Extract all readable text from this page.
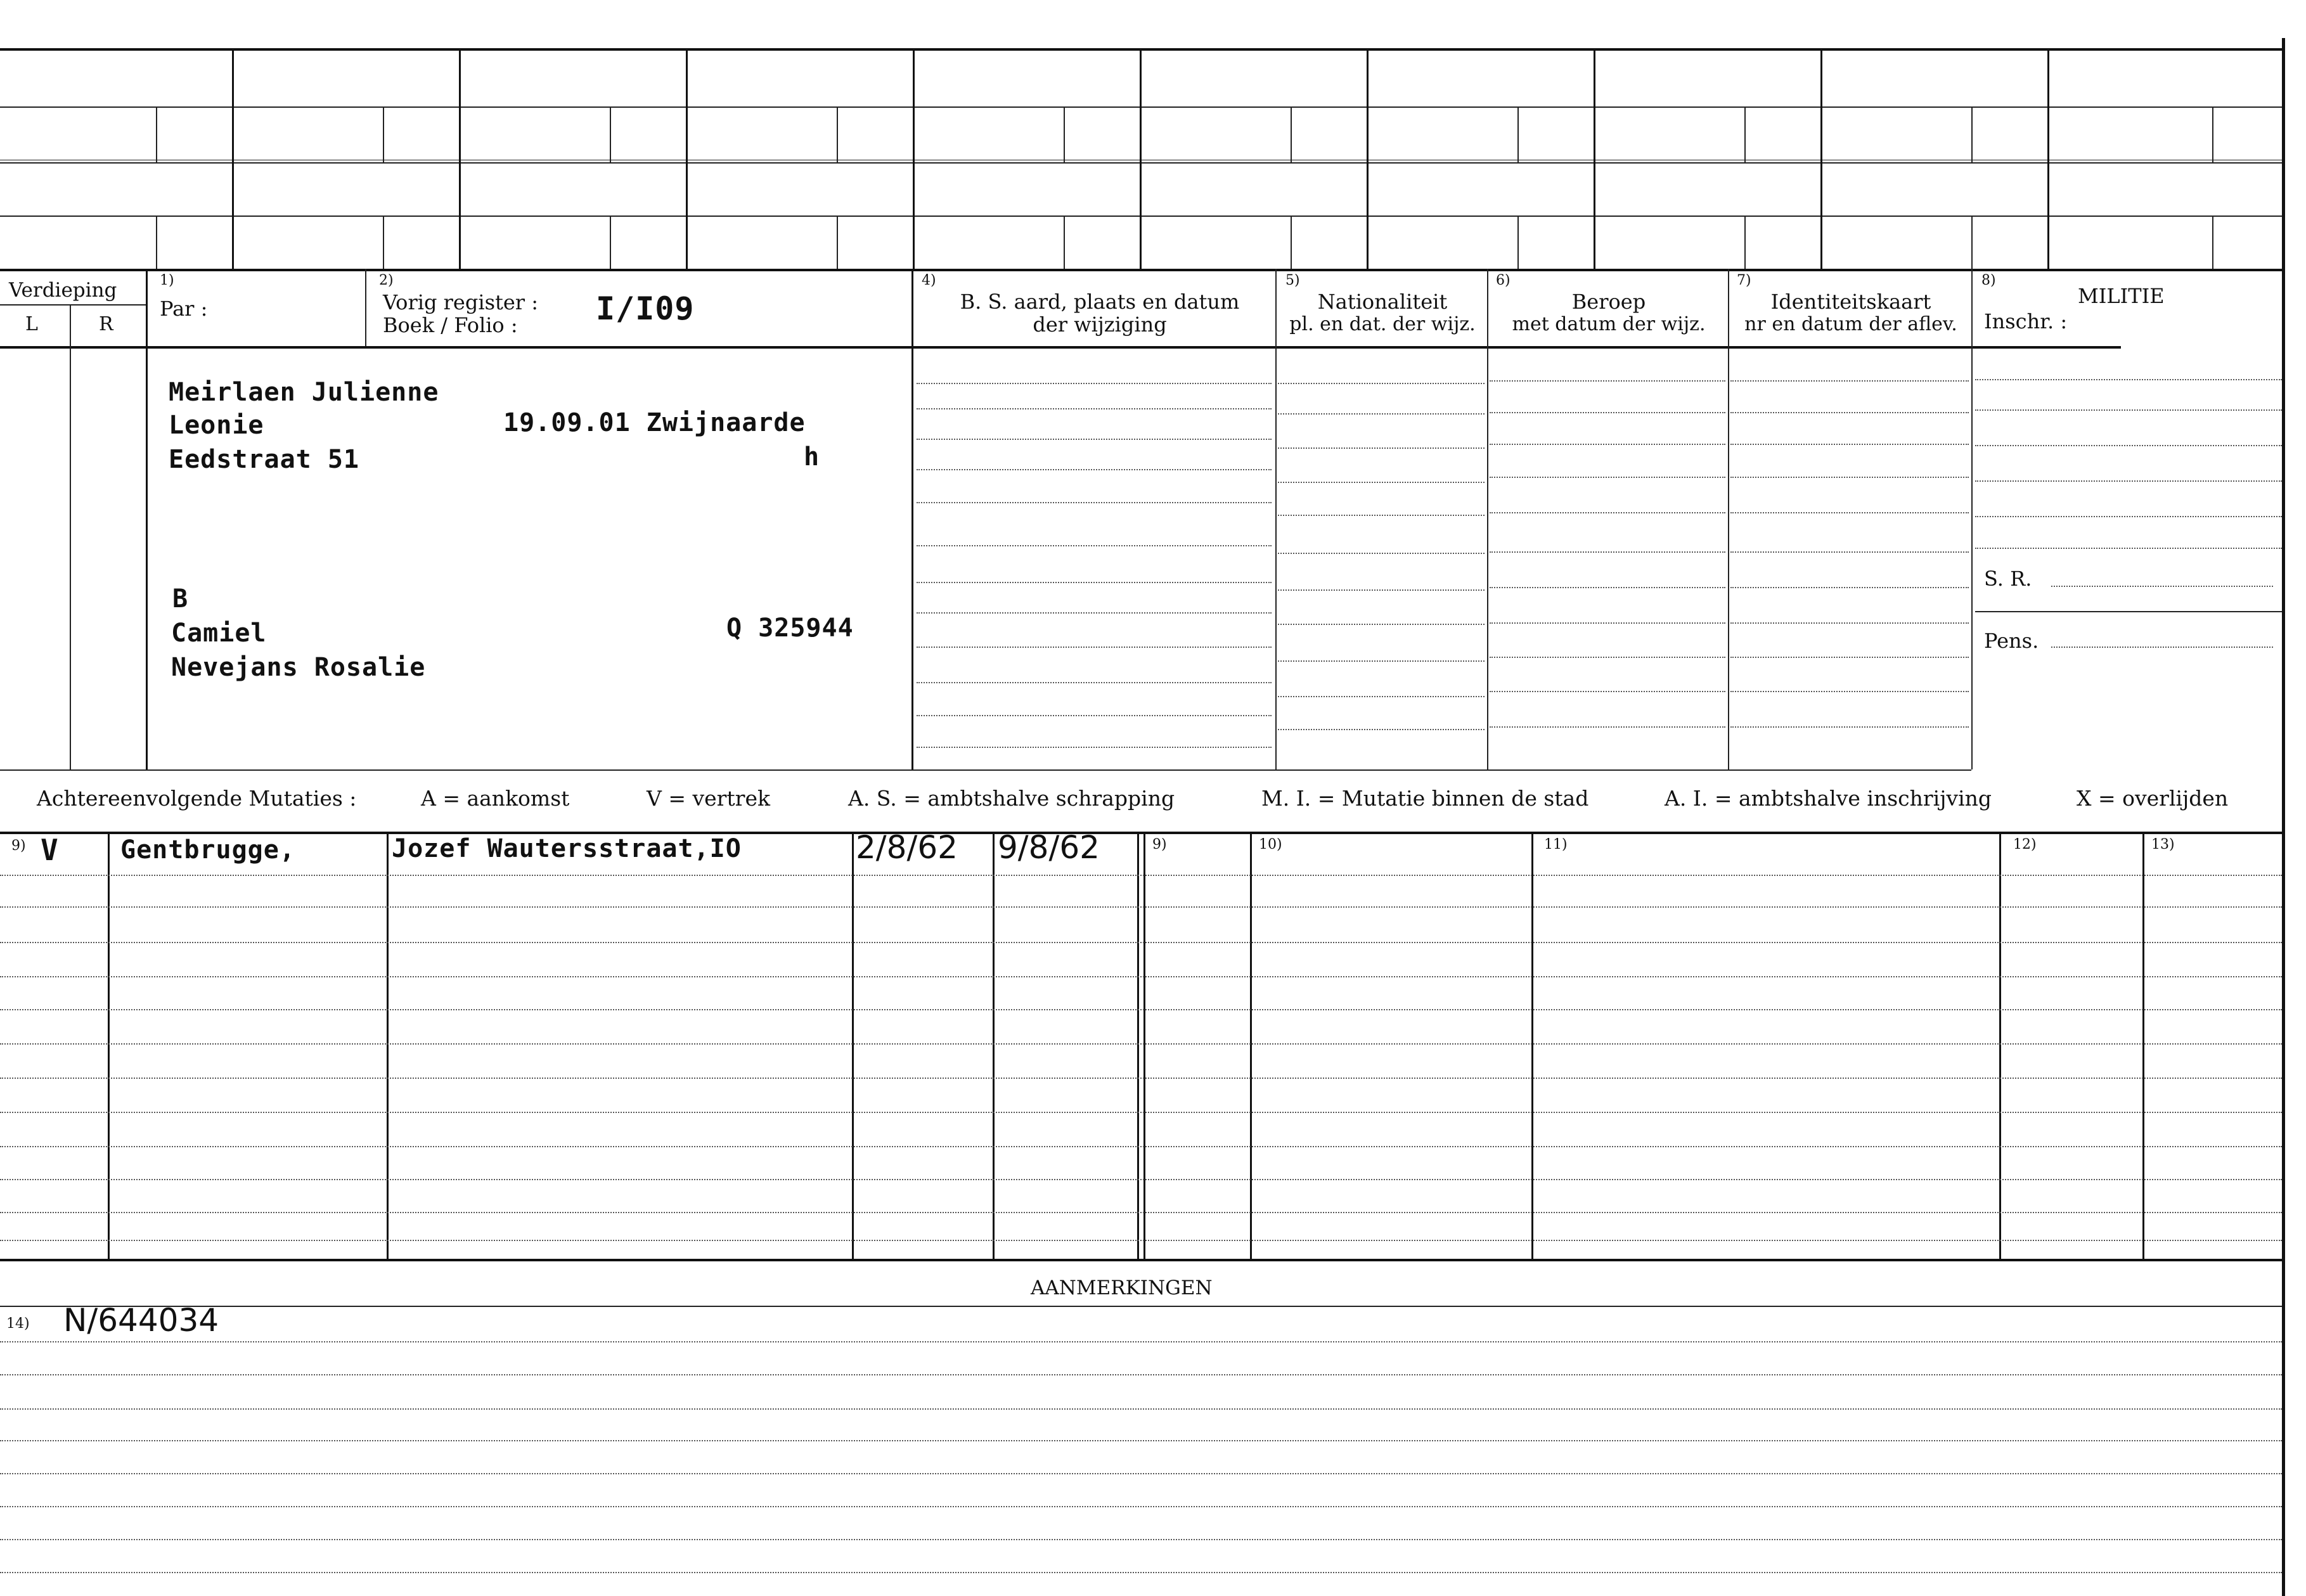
Verdieping
L	R
1)
Par :
2)
Vorig register :
Boek / Folio : I/I09
4)
B. S. aard, plaats en datum
der wijziging
5)
Nationaliteit
pl. en dat. der wijz.
6)
Beroep
met datum der wijz.
7)
Identiteitskaart
nr en datum der aflev.
8)
MILITIE
Inschr. :
Meirlaen Julienne
Leonie	19.09.01 Zwijnaarde
Eedstraat 51	h
B
Camiel	Q 325944
Nevejans Rosalie
S. R.
Pens.
Achtereenvolgende Mutaties :	A = aankomst	V = vertrek	A. S. = ambtshalve schrapping	M. I. = Mutatie binnen de stad	A. I. = ambtshalve inschrijving	X = overlijden
9) V Gentbrugge,	Jozef Wautersstraat,IO	2/8/62 9/8/62	9)	10)	11)	12)	13)
AANMERKINGEN
14) N/644034
